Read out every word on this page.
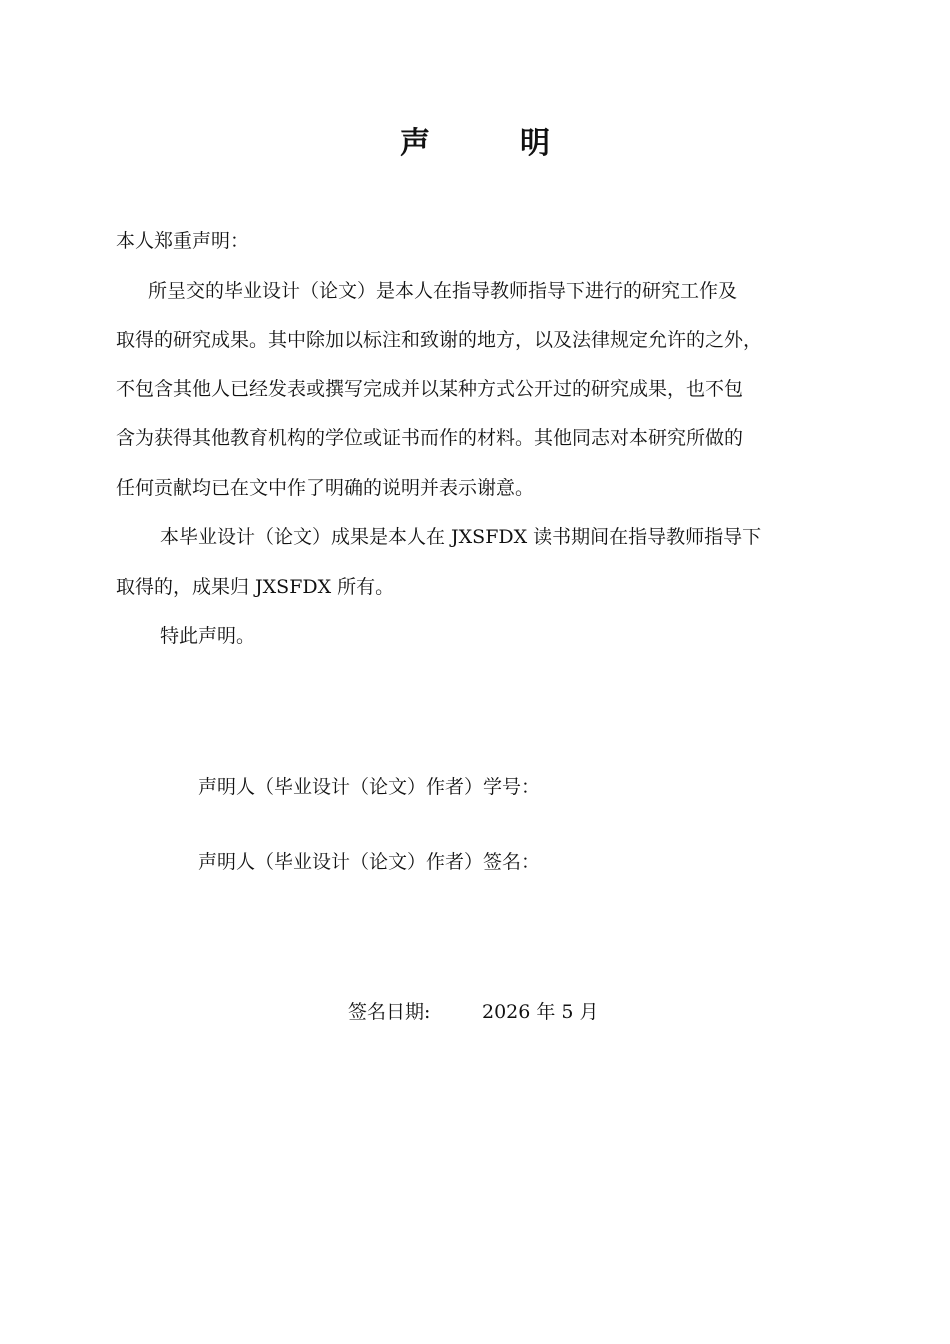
声	明
本人郑重声明：
所呈交的毕业设计（论文）是本人在指导教师指导下进行的研究工作及
取得的研究成果。其中除加以标注和致谢的地方，以及法律规定允许的之外，
不包含其他人已经发表或撰写完成并以某种方式公开过的研究成果，也不包
含为获得其他教育机构的学位或证书而作的材料。其他同志对本研究所做的
任何贡献均已在文中作了明确的说明并表示谢意。
本毕业设计（论文）成果是本人在 JXSFDX 读书期间在指导教师指导下
取得的，成果归 JXSFDX 所有。
特此声明。
声明人（毕业设计（论文）作者）学号：
声明人（毕业设计（论文）作者）签名：
签名日期:	2026 年 5 月
